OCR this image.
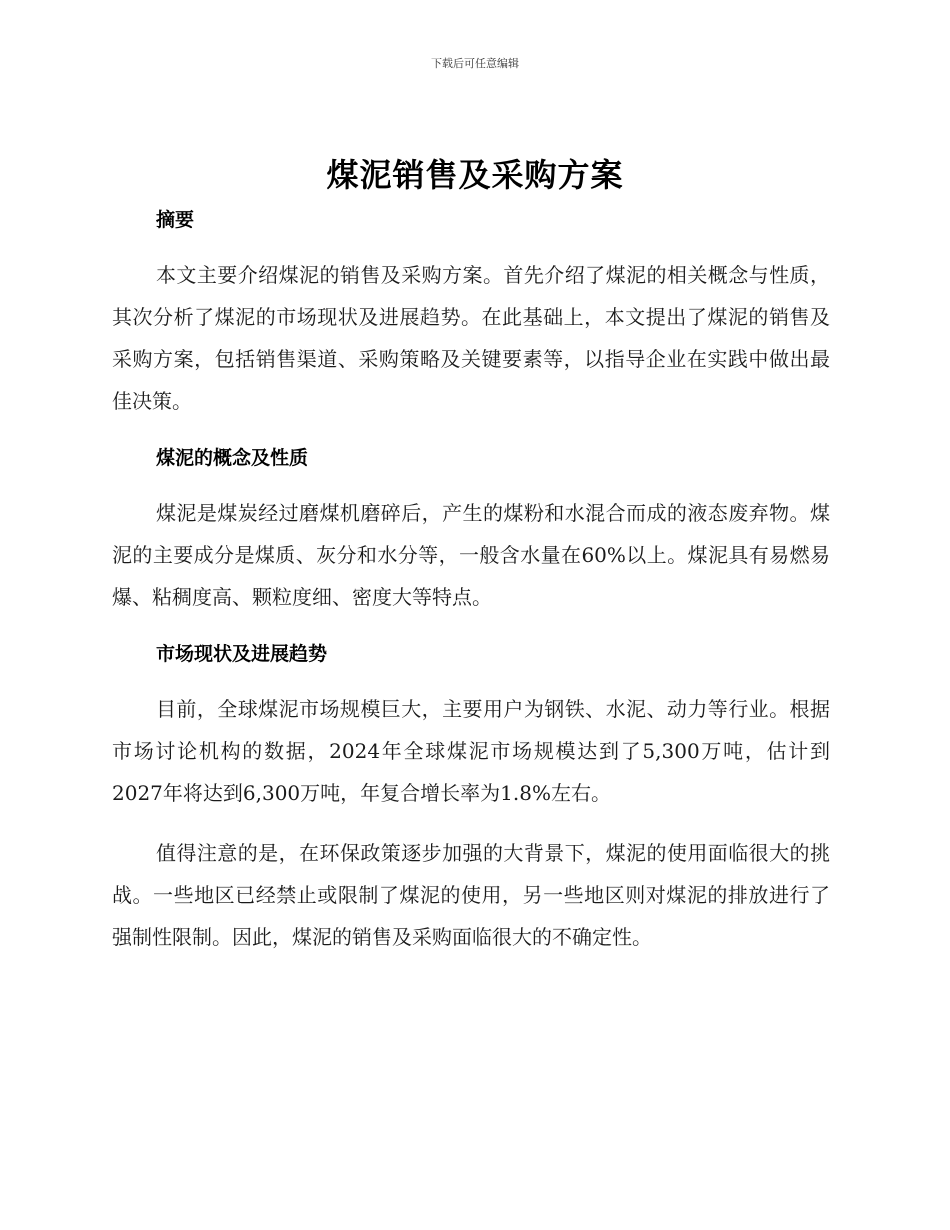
下载后可任意编辑
煤泥销售及采购方案
摘要

本文主要介绍煤泥的销售及采购方案。首先介绍了煤泥的相关概念与性质，其次分析了煤泥的市场现状及进展趋势。在此基础上，本文提出了煤泥的销售及采购方案，包括销售渠道、采购策略及关键要素等，以指导企业在实践中做出最佳决策。

煤泥的概念及性质

煤泥是煤炭经过磨煤机磨碎后，产生的煤粉和水混合而成的液态废弃物。煤泥的主要成分是煤质、灰分和水分等，一般含水量在60%以上。煤泥具有易燃易爆、粘稠度高、颗粒度细、密度大等特点。

市场现状及进展趋势

目前，全球煤泥市场规模巨大，主要用户为钢铁、水泥、动力等行业。根据市场讨论机构的数据，2024年全球煤泥市场规模达到了5,300万吨，估计到2027年将达到6,300万吨，年复合增长率为1.8%左右。

值得注意的是，在环保政策逐步加强的大背景下，煤泥的使用面临很大的挑战。一些地区已经禁止或限制了煤泥的使用，另一些地区则对煤泥的排放进行了强制性限制。因此，煤泥的销售及采购面临很大的不确定性。
